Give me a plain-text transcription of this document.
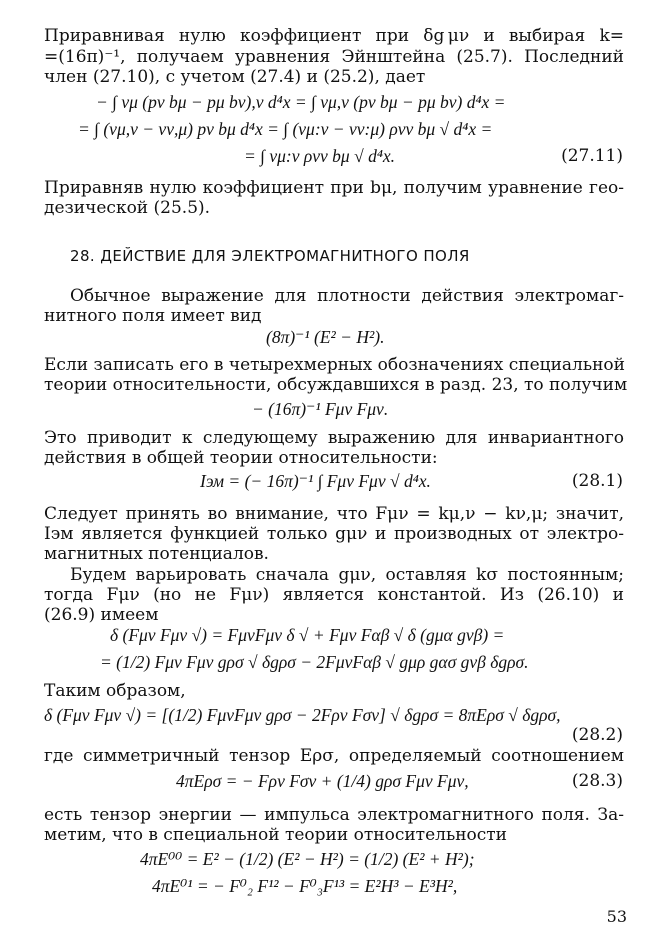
Приравнивая нулю коэффициент при δg μν и выбирая k=
=(16π)⁻¹, получаем уравнения Эйнштейна (25.7). Последний
член (27.10), с учетом (27.4) и (25.2), дает
− ∫ vμ (pν bμ − pμ bν),ν d⁴x = ∫ vμ,ν (pν bμ − pμ bν) d⁴x =
= ∫ (vμ,ν − vν,μ) pν bμ d⁴x = ∫ (vμ:ν − vν:μ) ρvν bμ √ d⁴x =
= ∫ vμ:ν ρvν bμ √ d⁴x.	(27.11)
Приравняв нулю коэффициент при bμ, получим уравнение гео-
дезической (25.5).
28. ДЕЙСТВИЕ ДЛЯ ЭЛЕКТРОМАГНИТНОГО ПОЛЯ
Обычное выражение для плотности действия электромаг-
нитного поля имеет вид
(8π)⁻¹ (E² − H²).
Если записать его в четырехмерных обозначениях специальной
теории относительности, обсуждавшихся в разд. 23, то получим
− (16π)⁻¹ Fμν Fμν.
Это приводит к следующему выражению для инвариантного
действия в общей теории относительности:
Iэм = (− 16π)⁻¹ ∫ Fμν Fμν √ d⁴x.	(28.1)
Следует принять во внимание, что Fμν = kμ,ν − kν,μ; значит,
Iэм является функцией только gμν и производных от электро-
магнитных потенциалов.
Будем варьировать сначала gμν, оставляя kσ постоянным;
тогда Fμν (но не Fμν) является константой. Из (26.10) и
(26.9) имеем
δ (Fμν Fμν √) = FμνFμν δ √ + Fμν Fαβ √ δ (gμα gνβ) =
= (1/2) Fμν Fμν gρσ √ δgρσ − 2FμνFαβ √ gμρ gασ gνβ δgρσ.
Таким образом,
δ (Fμν Fμν √) = [(1/2) FμνFμν gρσ − 2Fρν Fσν] √ δgρσ = 8πEρσ √ δgρσ,
(28.2)
где симметричный тензор Eρσ, определяемый соотношением
4πEρσ = − Fρν Fσν + (1/4) gρσ Fμν Fμν,	(28.3)
есть тензор энергии — импульса электромагнитного поля. За-
метим, что в специальной теории относительности
4πE⁰⁰ = E² − (1/2) (E² − H²) = (1/2) (E² + H²);
4πE⁰¹ = − F⁰₂ F¹² − F⁰₃F¹³ = E²H³ − E³H²,
53
